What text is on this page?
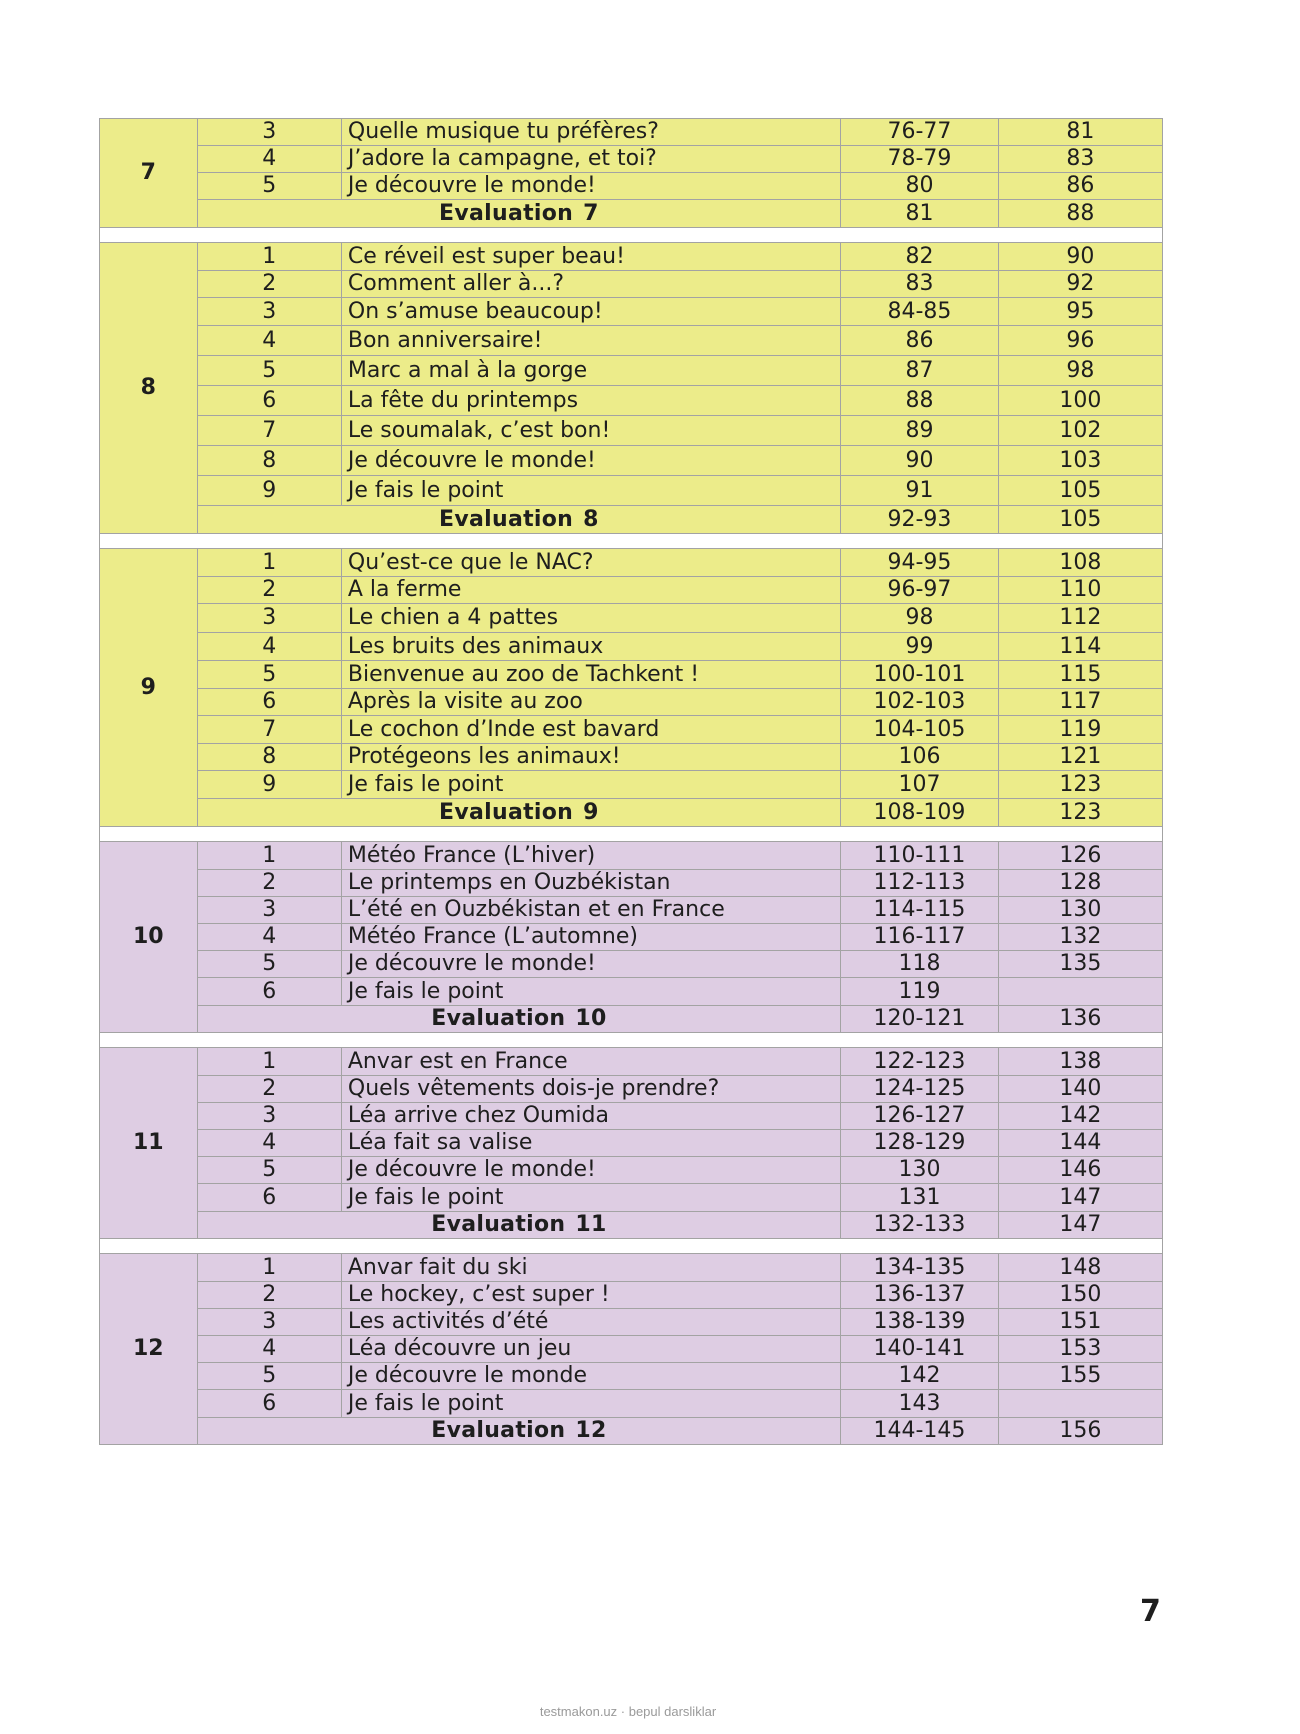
7	3	Quelle musique tu préfères?	76-77	81
	4	J’adore la campagne, et toi?	78-79	83
	5	Je découvre le monde!	80	86
	Evaluation 7		81	88
8	1	Ce réveil est super beau!	82	90
	2	Comment aller à...?	83	92
	3	On s’amuse beaucoup!	84-85	95
	4	Bon anniversaire!	86	96
	5	Marc a mal à la gorge	87	98
	6	La fête du printemps	88	100
	7	Le soumalak, c’est bon!	89	102
	8	Je découvre le monde!	90	103
	9	Je fais le point	91	105
	Evaluation 8		92-93	105
9	1	Qu’est-ce que le NAC?	94-95	108
	2	A la ferme	96-97	110
	3	Le chien a 4 pattes	98	112
	4	Les bruits des animaux	99	114
	5	Bienvenue au zoo de Tachkent !	100-101	115
	6	Après la visite au zoo	102-103	117
	7	Le cochon d’Inde est bavard	104-105	119
	8	Protégeons les animaux!	106	121
	9	Je fais le point	107	123
	Evaluation 9		108-109	123
10	1	Météo France (L’hiver)	110-111	126
	2	Le printemps en Ouzbékistan	112-113	128
	3	L’été en Ouzbékistan et en France	114-115	130
	4	Météo France (L’automne)	116-117	132
	5	Je découvre le monde!	118	135
	6	Je fais le point	119	
	Evaluation 10		120-121	136
11	1	Anvar est en France	122-123	138
	2	Quels vêtements dois-je prendre?	124-125	140
	3	Léa arrive chez Oumida	126-127	142
	4	Léa fait sa valise	128-129	144
	5	Je découvre le monde!	130	146
	6	Je fais le point	131	147
	Evaluation 11		132-133	147
12	1	Anvar fait du ski	134-135	148
	2	Le hockey, c’est super !	136-137	150
	3	Les activités d’été	138-139	151
	4	Léa découvre un jeu	140-141	153
	5	Je découvre le monde	142	155
	6	Je fais le point	143	
	Evaluation 12		144-145	156
7
testmakon.uz · bepul darsliklar
